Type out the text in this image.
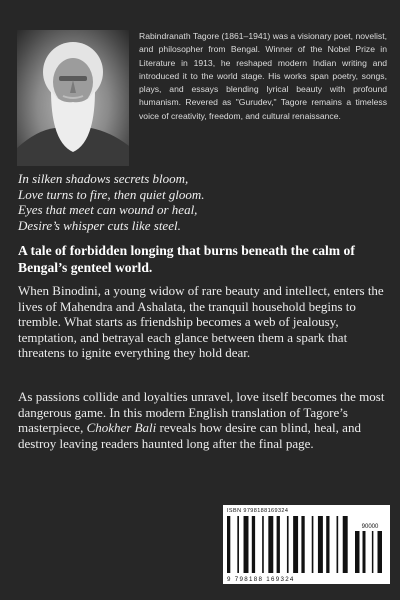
Rabindranath Tagore (1861–1941) was a visionary poet, novelist, and philosopher from Bengal. Winner of the Nobel Prize in Literature in 1913, he reshaped modern Indian writing and introduced it to the world stage. His works span poetry, songs, plays, and essays blending lyrical beauty with profound humanism. Revered as "Gurudev," Tagore remains a timeless voice of creativity, freedom, and cultural renaissance.

In silken shadows secrets bloom,
Love turns to fire, then quiet gloom.
Eyes that meet can wound or heal,
Desire’s whisper cuts like steel.

A tale of forbidden longing that burns beneath the calm of Bengal’s genteel world.

When Binodini, a young widow of rare beauty and intellect, enters the lives of Mahendra and Ashalata, the tranquil household begins to tremble. What starts as friendship becomes a web of jealousy, temptation, and betrayal each glance between them a spark that threatens to ignite everything they hold dear.

As passions collide and loyalties unravel, love itself becomes the most dangerous game. In this modern English translation of Tagore’s masterpiece, Chokher Bali reveals how desire can blind, heal, and destroy leaving readers haunted long after the final page.

ISBN 9798188169324
90000
9 798188 169324
